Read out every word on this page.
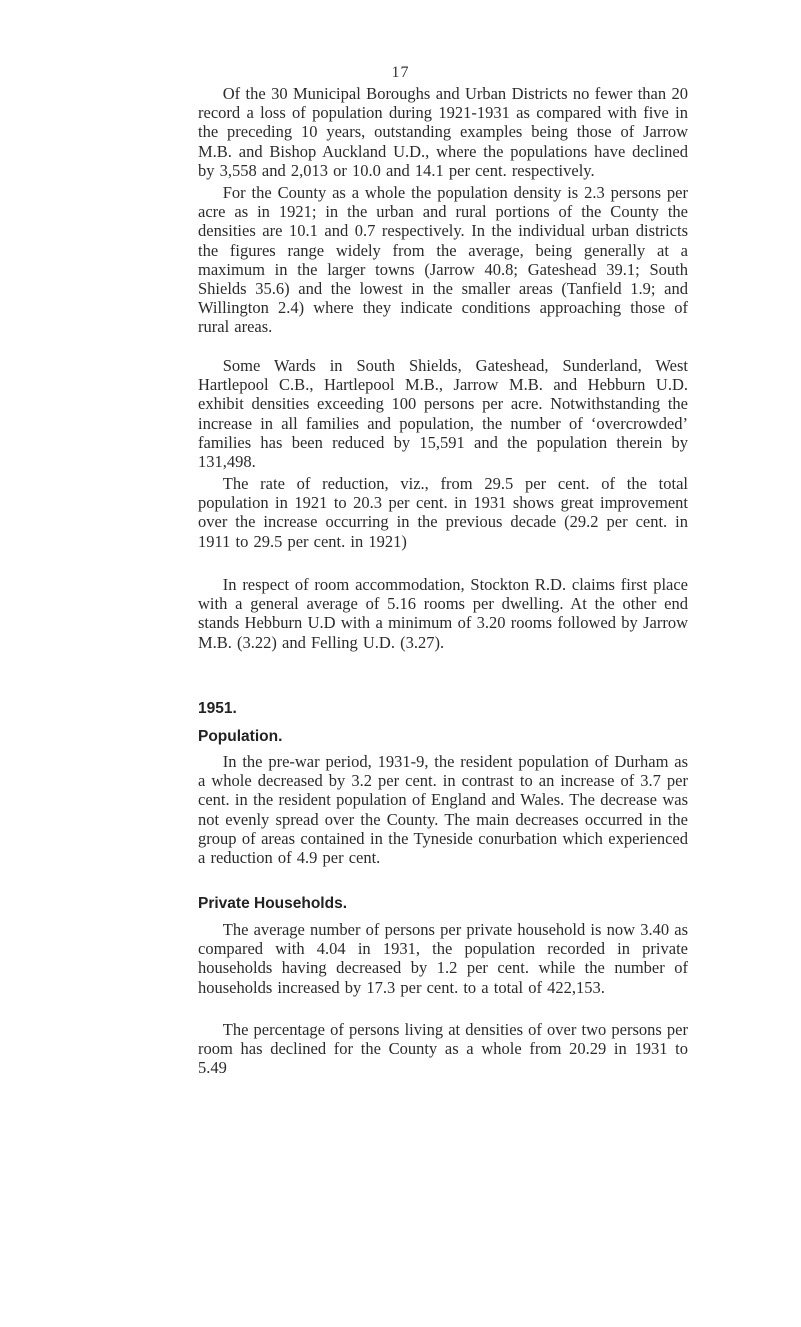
17

Of the 30 Municipal Boroughs and Urban Districts no fewer than 20 record a loss of population during 1921-1931 as compared with five in the preceding 10 years, outstanding examples being those of Jarrow M.B. and Bishop Auckland U.D., where the populations have declined by 3,558 and 2,013 or 10.0 and 14.1 per cent. respectively.

For the County as a whole the population density is 2.3 persons per acre as in 1921; in the urban and rural portions of the County the densities are 10.1 and 0.7 respectively. In the individual urban districts the figures range widely from the average, being generally at a maximum in the larger towns (Jarrow 40.8; Gateshead 39.1; South Shields 35.6) and the lowest in the smaller areas (Tanfield 1.9; and Willington 2.4) where they indicate conditions approaching those of rural areas.

Some Wards in South Shields, Gateshead, Sunderland, West Hartlepool C.B., Hartlepool M.B., Jarrow M.B. and Hebburn U.D. exhibit densities exceeding 100 persons per acre. Notwithstanding the increase in all families and population, the number of ‘overcrowded’ families has been reduced by 15,591 and the population therein by 131,498.

The rate of reduction, viz., from 29.5 per cent. of the total population in 1921 to 20.3 per cent. in 1931 shows great improvement over the increase occurring in the previous decade (29.2 per cent. in 1911 to 29.5 per cent. in 1921)

In respect of room accommodation, Stockton R.D. claims first place with a general average of 5.16 rooms per dwelling. At the other end stands Hebburn U.D with a minimum of 3.20 rooms followed by Jarrow M.B. (3.22) and Felling U.D. (3.27).

1951.
Population.

In the pre-war period, 1931-9, the resident population of Durham as a whole decreased by 3.2 per cent. in contrast to an increase of 3.7 per cent. in the resident population of England and Wales. The decrease was not evenly spread over the County. The main decreases occurred in the group of areas contained in the Tyneside conurbation which experienced a reduction of 4.9 per cent.

Private Households.

The average number of persons per private household is now 3.40 as compared with 4.04 in 1931, the population recorded in private households having decreased by 1.2 per cent. while the number of households increased by 17.3 per cent. to a total of 422,153.

The percentage of persons living at densities of over two persons per room has declined for the County as a whole from 20.29 in 1931 to 5.49
